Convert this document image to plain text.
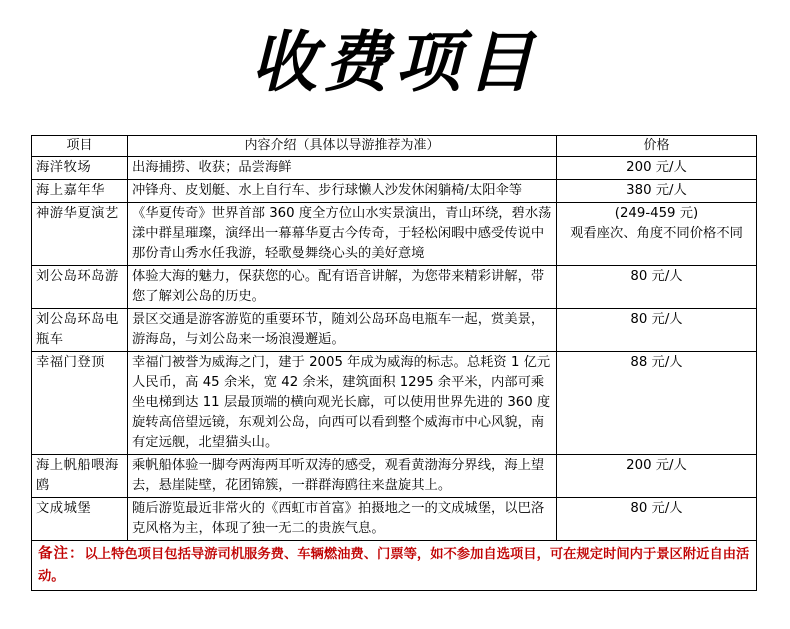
收费项目
项目	内容介绍（具体以导游推荐为准）	价格
海洋牧场	出海捕捞、收获；品尝海鲜	200 元/人
海上嘉年华	冲锋舟、皮划艇、水上自行车、步行球懒人沙发休闲躺椅/太阳伞等	380 元/人
神游华夏演艺	《华夏传奇》世界首部 360 度全方位山水实景演出，青山环绕，碧水荡漾中群星璀璨，演绎出一幕幕华夏古今传奇，于轻松闲暇中感受传说中那份青山秀水任我游，轻歌曼舞绕心头的美好意境	(249-459 元)
观看座次、角度不同价格不同
刘公岛环岛游	体验大海的魅力，保获您的心。配有语音讲解，为您带来精彩讲解，带您了解刘公岛的历史。	80 元/人
刘公岛环岛电瓶车	景区交通是游客游览的重要环节，随刘公岛环岛电瓶车一起，赏美景，游海岛，与刘公岛来一场浪漫邂逅。	80 元/人
幸福门登顶	幸福门被誉为威海之门，建于 2005 年成为威海的标志。总耗资 1 亿元人民币，高 45 余米，宽 42 余米，建筑面积 1295 余平米，内部可乘坐电梯到达 11 层最顶端的横向观光长廊，可以使用世界先进的 360 度旋转高倍望远镜，东观刘公岛，向西可以看到整个威海市中心风貌，南有定远舰，北望猫头山。	88 元/人
海上帆船喂海鸥	乘帆船体验一脚夸两海两耳听双涛的感受，观看黄渤海分界线，海上望去，悬崖陡壁，花团锦簇，一群群海鸥往来盘旋其上。	200 元/人
文成城堡	随后游览最近非常火的《西虹市首富》拍摄地之一的文成城堡，以巴洛克风格为主，体现了独一无二的贵族气息。	80 元/人
备注：以上特色项目包括导游司机服务费、车辆燃油费、门票等，如不参加自选项目，可在规定时间内于景区附近自由活动。		
